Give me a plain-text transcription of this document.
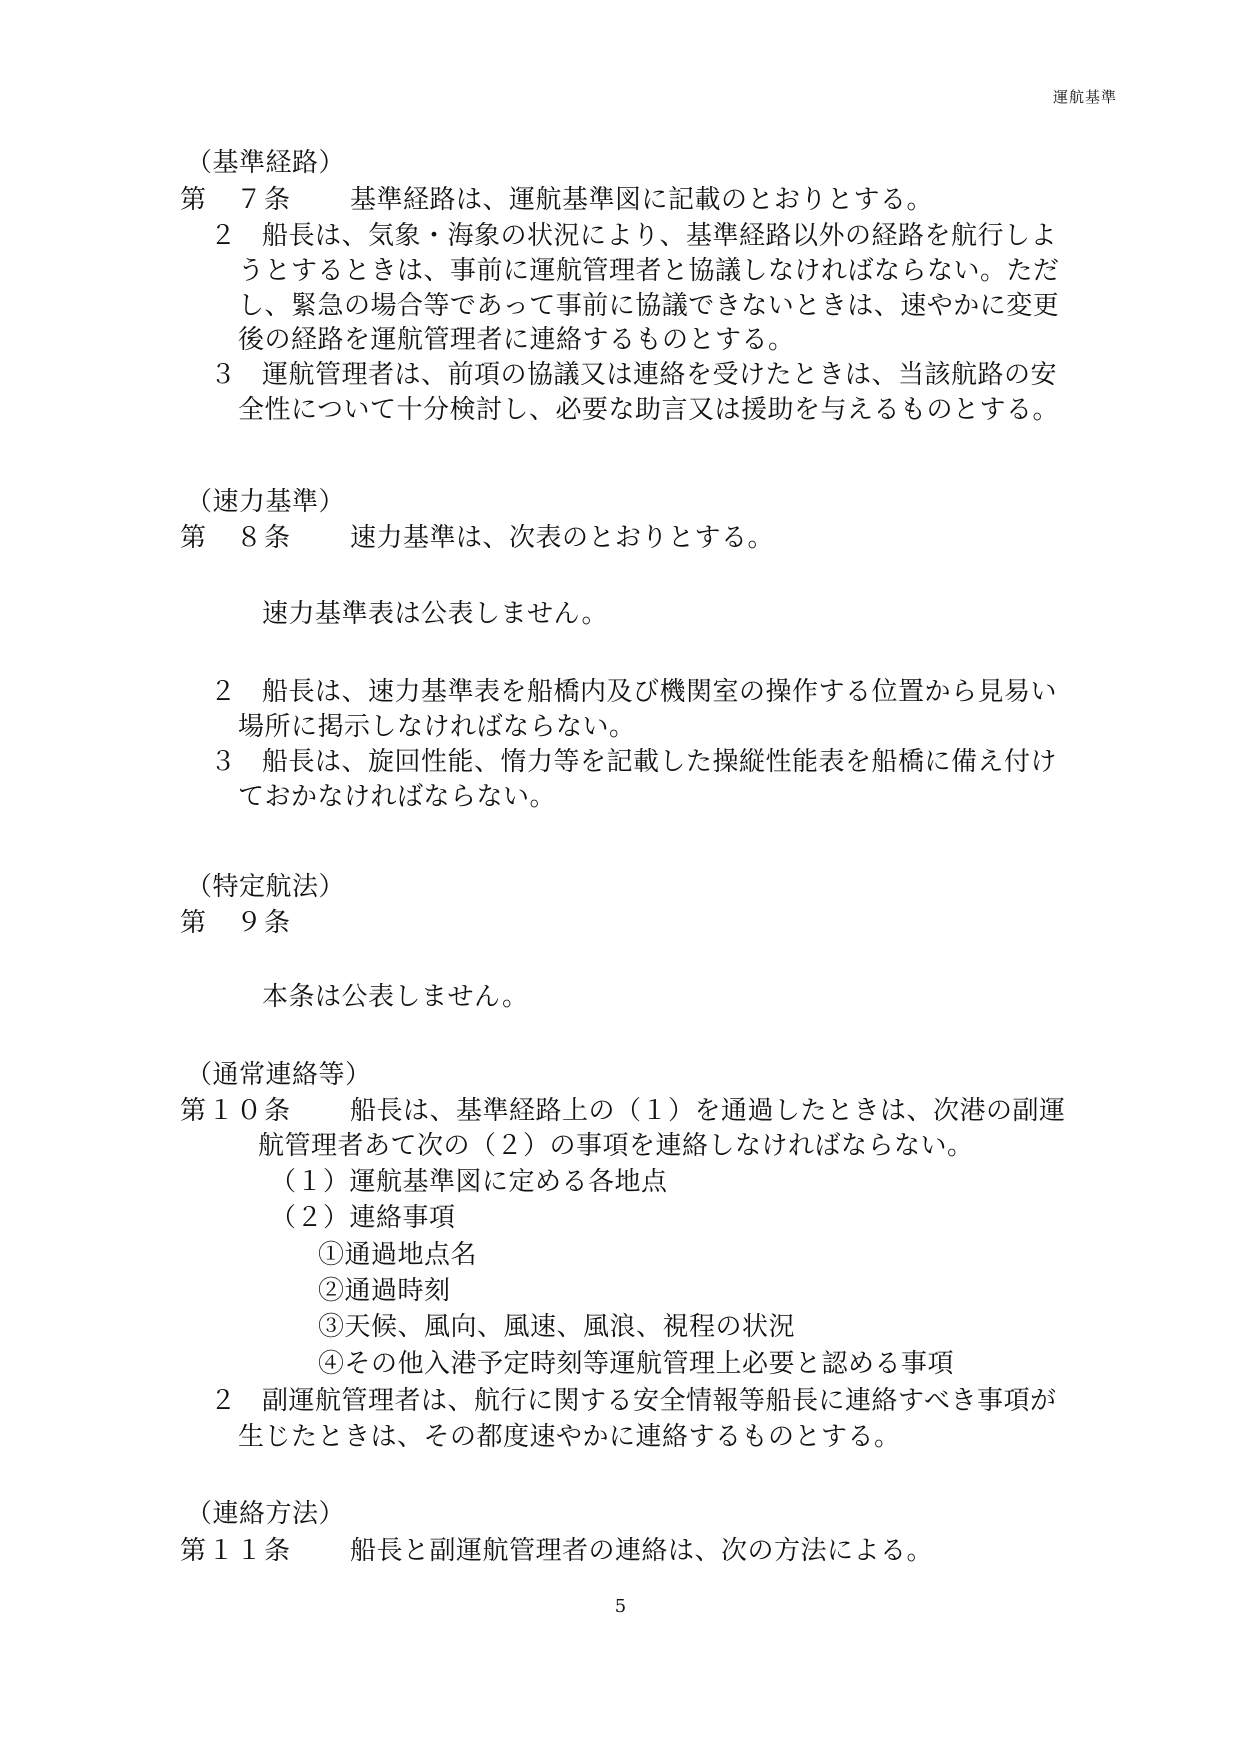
運航基準
（基準経路）
第　７条 基準経路は、運航基準図に記載のとおりとする。
２ 船長は、気象・海象の状況により、基準経路以外の経路を航行しよ
うとするときは、事前に運航管理者と協議しなければならない。ただ
し、緊急の場合等であって事前に協議できないときは、速やかに変更
後の経路を運航管理者に連絡するものとする。
３ 運航管理者は、前項の協議又は連絡を受けたときは、当該航路の安
全性について十分検討し、必要な助言又は援助を与えるものとする。
（速力基準）
第　８条 速力基準は、次表のとおりとする。
速力基準表は公表しません。
２ 船長は、速力基準表を船橋内及び機関室の操作する位置から見易い
場所に掲示しなければならない。
３ 船長は、旋回性能、惰力等を記載した操縦性能表を船橋に備え付け
ておかなければならない。
（特定航法）
第　９条
本条は公表しません。
（通常連絡等）
第１０条 船長は、基準経路上の（１）を通過したときは、次港の副運
航管理者あて次の（２）の事項を連絡しなければならない。
（１）運航基準図に定める各地点
（２）連絡事項
①通過地点名
②通過時刻
③天候、風向、風速、風浪、視程の状況
④その他入港予定時刻等運航管理上必要と認める事項
２ 副運航管理者は、航行に関する安全情報等船長に連絡すべき事項が
生じたときは、その都度速やかに連絡するものとする。
（連絡方法）
第１１条 船長と副運航管理者の連絡は、次の方法による。
5
